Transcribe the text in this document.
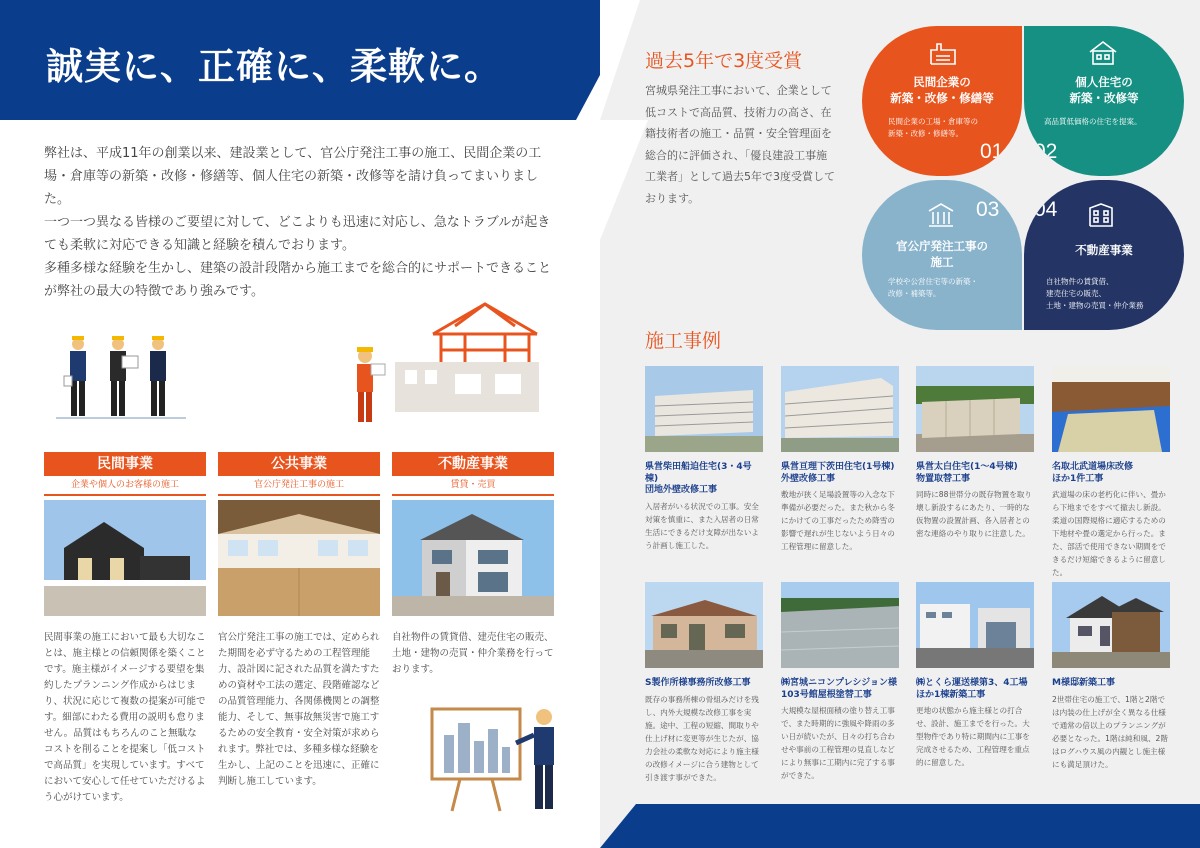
誠実に、正確に、柔軟に。

弊社は、平成11年の創業以来、建設業として、官公庁発注工事の施工、民間企業の工場・倉庫等の新築・改修・修繕等、個人住宅の新築・改修等を請け負ってまいりました。

一つ一つ異なる皆様のご要望に対して、どこよりも迅速に対応し、急なトラブルが起きても柔軟に対応できる知識と経験を積んでおります。

多種多様な経験を生かし、建築の設計段階から施工までを総合的にサポートできることが弊社の最大の特徴であり強みです。

民間事業
企業や個人のお客様の施工
民間事業の施工において最も大切なことは、施主様との信頼関係を築くことです。施主様がイメージする要望を集約したプランニング作成からはじまり、状況に応じて複数の提案が可能です。細部にわたる費用の説明も怠りません。品質はもちろんのこと無駄なコストを削ることを提案し「低コストで高品質」を実現しています。すべてにおいて安心して任せていただけるよう心がけています。
公共事業
官公庁発注工事の施工
官公庁発注工事の施工では、定められた期間を必ず守るための工程管理能力、設計図に記された品質を満たすための資材や工法の選定、段階確認などの品質管理能力、各関係機関との調整能力、そして、無事故無災害で施工するための安全教育・安全対策が求められます。弊社では、多種多様な経験を生かし、上記のことを迅速に、正確に判断し施工しています。
不動産事業
賃貸・売買
自社物件の賃貸借、建売住宅の販売、土地・建物の売買・仲介業務を行っております。
過去5年で3度受賞
宮城県発注工事において、企業として低コストで高品質、技術力の高さ、在籍技術者の施工・品質・安全管理面を総合的に評価され、「優良建設工事施工業者」として過去5年で3度受賞しております。
民間企業の
新築・改修・修繕等
民間企業の工場・倉庫等の
新築・改修・修繕等。
01
個人住宅の
新築・改修等
高品質低価格の住宅を提案。
02
03
官公庁発注工事の
施工
学校や公営住宅等の新築・
改修・補築等。
04
不動産事業
自社物件の賃貸借、
建売住宅の販売、
土地・建物の売買・仲介業務
施工事例
県営柴田船迫住宅(3・4号棟)
団地外壁改修工事
入居者がいる状況での工事。安全対策を慎重に、また入居者の日常生活にできるだけ支障が出ないよう計画し施工した。
県営亘理下茨田住宅(1号棟)
外壁改修工事
敷地が狭く足場設置等の入念な下準備が必要だった。また秋から冬にかけての工事だったため降雪の影響で遅れが生じないよう日々の工程管理に留意した。
県営太白住宅(1〜4号棟)
物置取替工事
同時に88世帯分の既存物置を取り壊し新設するにあたり、一時的な仮物置の設置計画、各入居者との密な連絡のやり取りに注意した。
名取北武道場床改修
ほか1件工事
武道場の床の老朽化に伴い、畳から下地までをすべて撤去し新設。柔道の国際規格に適応するための下地材や畳の選定から行った。また、部活で使用できない期間をできるだけ短縮できるように留意した。
S製作所様事務所改修工事
既存の事務所棟の骨組みだけを残し、内外大規模な改修工事を実施。途中、工程の短縮、間取りや仕上げ材に変更等が生じたが、協力会社の柔軟な対応により施主様の改修イメージに合う建物として引き渡す事ができた。
㈱宮城ニコンプレシジョン様
103号館屋根塗替工事
大規模な屋根面積の塗り替え工事で、また時期的に強風や降雨の多い日が続いたが、日々の打ち合わせや事前の工程管理の見直しなどにより無事に工期内に完了する事ができた。
㈱とくら運送様第3、4工場
ほか1棟新築工事
更地の状態から施主様との打合せ、設計、施工までを行った。大型物件であり特に期間内に工事を完成させるため、工程管理を重点的に留意した。
M様邸新築工事
2世帯住宅の施工で、1階と2階では内装の仕上げが全く異なる仕様で通常の倍以上のプランニングが必要となった。1階は純和風、2階はログハウス風の内観とし施主様にも満足頂けた。
